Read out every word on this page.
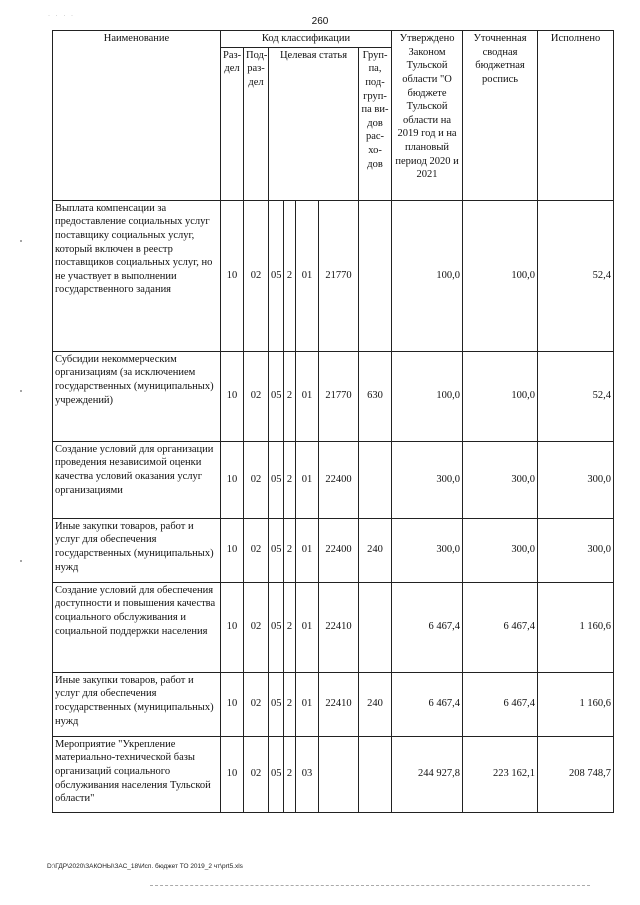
· · · ·	260
Наименование	Код классификации							Утверждено Законом Тульской области "О бюджете Тульской области на 2019 год и на плановый период 2020 и 2021	Уточненная сводная бюджетная роспись	Исполнено
	Раз-дел	Под-раз-дел	Целевая статья				Груп-па, под-груп-па ви-дов рас-хо-дов			
Выплата компенсации за предоставление социальных услуг поставщику социальных услуг, который включен в реестр поставщиков социальных услуг, но не участвует в выполнении государственного задания	10	02	05	2	01	21770		100,0	100,0	52,4
Субсидии некоммерческим организациям (за исключением государственных (муниципальных) учреждений)	10	02	05	2	01	21770	630	100,0	100,0	52,4
Создание условий для организации проведения независимой оценки качества условий оказания услуг организациями	10	02	05	2	01	22400		300,0	300,0	300,0
Иные закупки товаров, работ и услуг для обеспечения государственных (муниципальных) нужд	10	02	05	2	01	22400	240	300,0	300,0	300,0
Создание условий для обеспечения доступности и повышения качества социального обслуживания и социальной поддержки населения	10	02	05	2	01	22410		6 467,4	6 467,4	1 160,6
Иные закупки товаров, работ и услуг для обеспечения государственных (муниципальных) нужд	10	02	05	2	01	22410	240	6 467,4	6 467,4	1 160,6
Мероприятие "Укрепление материально-технической базы организаций социального обслуживания населения Тульской области"	10	02	05	2	03			244 927,8	223 162,1	208 748,7
D:\ГДР\2020\ЗАКОНЫ\ЗАС_18\Исп. бюджет ТО 2019_2 чт\prt5.xls
